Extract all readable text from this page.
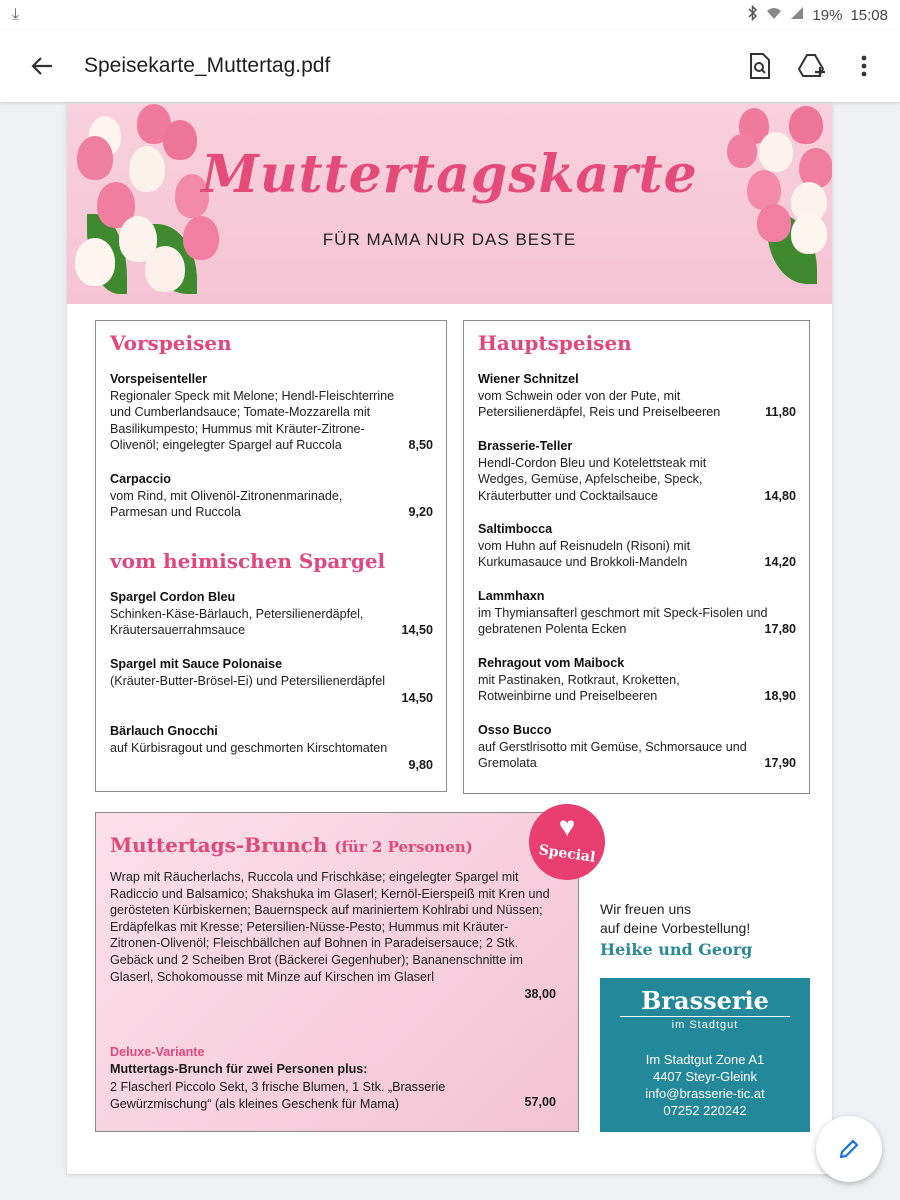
⤓	19% 15:08
Speisekarte_Muttertag.pdf
Muttertagskarte
FÜR MAMA NUR DAS BESTE
Vorspeisen
Vorspeisenteller
Regionaler Speck mit Melone; Hendl-Fleischterrine und Cumberlandsauce; Tomate-Mozzarella mit Basilikumpesto; Hummus mit Kräuter-Zitrone-Olivenöl; eingelegter Spargel auf Ruccola	8,50
Carpaccio
vom Rind, mit Olivenöl-Zitronenmarinade, Parmesan und Ruccola	9,20
vom heimischen Spargel
Spargel Cordon Bleu
Schinken-Käse-Bärlauch, Petersilienerdäpfel, Kräutersauerrahmsauce	14,50
Spargel mit Sauce Polonaise
(Kräuter-Butter-Brösel-Ei) und Petersilienerdäpfel
14,50
Bärlauch Gnocchi
auf Kürbisragout und geschmorten Kirschtomaten
9,80
Hauptspeisen
Wiener Schnitzel
vom Schwein oder von der Pute, mit Petersilienerdäpfel, Reis und Preiselbeeren	11,80
Brasserie-Teller
Hendl-Cordon Bleu und Kotelettsteak mit Wedges, Gemüse, Apfelscheibe, Speck, Kräuterbutter und Cocktailsauce	14,80
Saltimbocca
vom Huhn auf Reisnudeln (Risoni) mit Kurkumasauce und Brokkoli-Mandeln	14,20
Lammhaxn
im Thymiansafterl geschmort mit Speck-Fisolen und gebratenen Polenta Ecken	17,80
Rehragout vom Maibock
mit Pastinaken, Rotkraut, Kroketten, Rotweinbirne und Preiselbeeren	18,90
Osso Bucco
auf Gerstlrisotto mit Gemüse, Schmorsauce und Gremolata	17,90
Muttertags-Brunch (für 2 Personen)
Wrap mit Räucherlachs, Ruccola und Frischkäse; eingelegter Spargel mit Radiccio und Balsamico; Shakshuka im Glaserl; Kernöl-Eierspeiß mit Kren und gerösteten Kürbiskernen; Bauernspeck auf mariniertem Kohlrabi und Nüssen; Erdäpfelkas mit Kresse; Petersilien-Nüsse-Pesto; Hummus mit Kräuter-Zitronen-Olivenöl; Fleischbällchen auf Bohnen in Paradeisersauce; 2 Stk. Gebäck und 2 Scheiben Brot (Bäckerei Gegenhuber); Bananenschnitte im Glaserl, Schokomousse mit Minze auf Kirschen im Glaserl
38,00
Deluxe-Variante
Muttertags-Brunch für zwei Personen plus:
2 Flascherl Piccolo Sekt, 3 frische Blumen, 1 Stk. „Brasserie Gewürzmischung“ (als kleines Geschenk für Mama)	57,00
♥
Special
Wir freuen uns
auf deine Vorbestellung!
Heike und Georg
Brasserie
im Stadtgut
Im Stadtgut Zone A1
4407 Steyr-Gleink
info@brasserie-tic.at
07252 220242
